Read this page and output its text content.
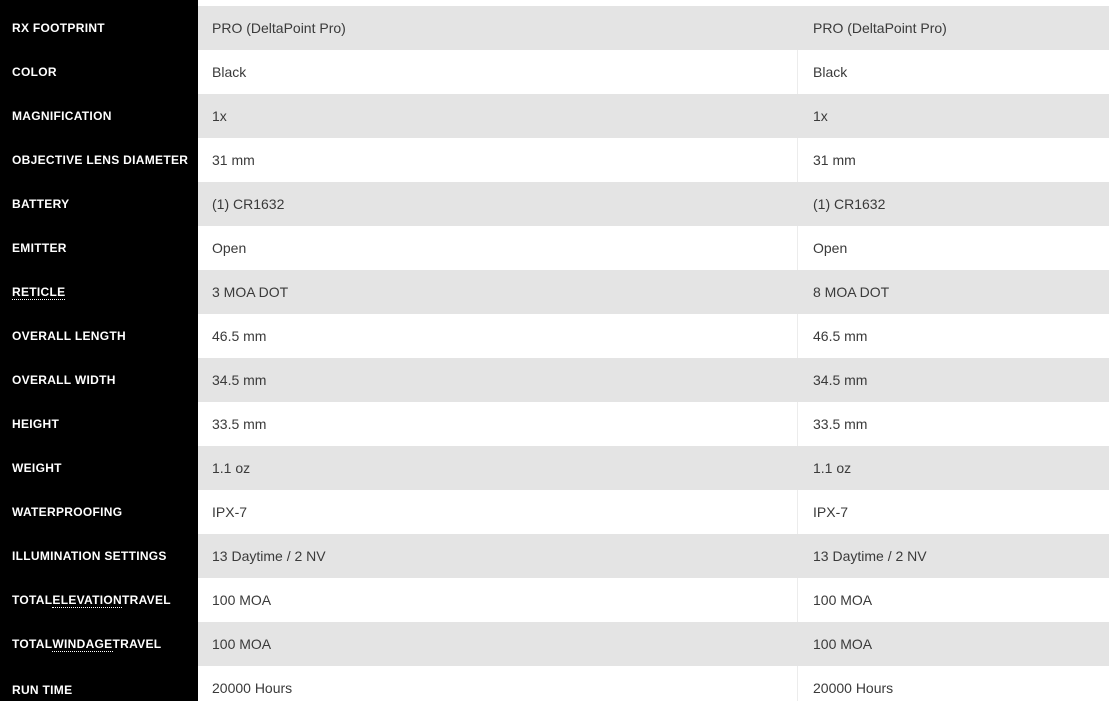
RX FOOTPRINT	PRO (DeltaPoint Pro)	PRO (DeltaPoint Pro)
COLOR	Black	Black
MAGNIFICATION	1x	1x
OBJECTIVE LENS DIAMETER	31 mm	31 mm
BATTERY	(1) CR1632	(1) CR1632
EMITTER	Open	Open
RETICLE	3 MOA DOT	8 MOA DOT
OVERALL LENGTH	46.5 mm	46.5 mm
OVERALL WIDTH	34.5 mm	34.5 mm
HEIGHT	33.5 mm	33.5 mm
WEIGHT	1.1 oz	1.1 oz
WATERPROOFING	IPX-7	IPX-7
ILLUMINATION SETTINGS	13 Daytime / 2 NV	13 Daytime / 2 NV
TOTAL ELEVATION TRAVEL	100 MOA	100 MOA
TOTAL WINDAGE TRAVEL	100 MOA	100 MOA
RUN TIME	20000 Hours	20000 Hours
